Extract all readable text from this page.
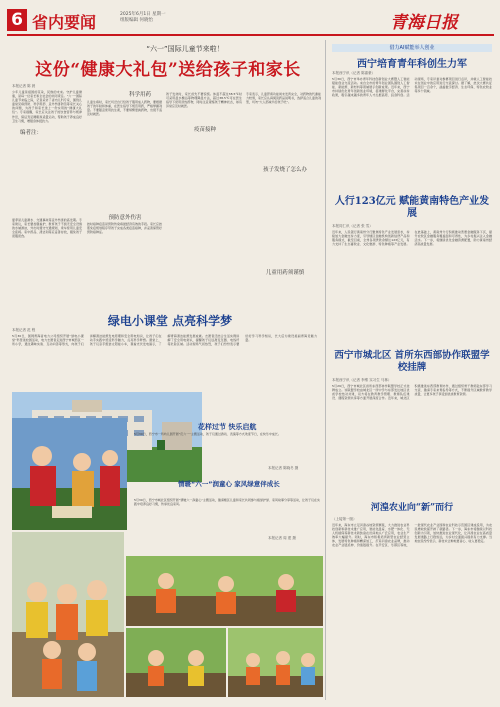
6 省内要闻	2025年6月1日 星期一
组版编辑 何晓怡	青海日报
“六一”国际儿童节来啦！
这份“健康大礼包”送给孩子和家长
本报记者 陈 晨
少年儿童是祖国的花朵，民族的未来。守护儿童健康，是每一位家长和全社会的共同责任。“六一”国际儿童节来临之际，记者采访了省内儿科专家，围绕儿童常见病预防、科学用药、意外伤害防范等家长关心的问题，为孩子和家长送上一份实用的“健康大礼包”。专家提醒，家长应关注孩子的饮食营养与规律作息，保证充足睡眠和适量运动，帮助孩子养成良好卫生习惯，增强身体抵抗力。
编者注：
夏季是儿童溺水、交通事故等意外伤害的高发期。专家建议，家长要加强看护，教育孩子不到无安全设施的水域游泳，外出时遵守交通规则，乘车使用儿童安全座椅。家中药品、清洁剂等应妥善存放，避免孩子误服误食。
科学用药
儿童生病时，家长切忌自行给孩子服用成人药物，要根据孩子的年龄和体重，在医生指导下规范用药，严格掌握剂量。不要随意使用抗生素，不要频繁更换药物，出现不适及时就医。
预防意外伤害
按时接种疫苗是预防传染病最经济有效的手段。家长应按照免疫规划程序带孩子完成各类疫苗接种，并妥善保管好预防接种证。
疫苗接种
孩子发烧时，家长首先不要惊慌。体温不超过38.5℃时可采用温水擦浴等物理降温方法，超过38.5℃可在医生指导下使用退热药物，同时注意观察孩子精神状态，如有异常应及时就医。
孩子发烧了怎么办
儿童用药须谨慎
专家表示，儿童肝肾功能尚未发育完全，对药物的代谢能力较弱，家长应认真阅读药品说明书，选择适合儿童的剂型，切勿“大人药减半给孩子吃”。
绿电小课堂 点亮科学梦
本报记者 范 程
5月30日，国网青海省电力公司组织开展“绿电小课堂”科普进校园活动，电力志愿者走进西宁市城西区一所小学，通过趣味实验、互动问答等形式，向孩子们讲解清洁能源发电原理和安全用电知识，让孩子们在动手实践中感受科学魅力，点亮科学梦想。课堂上，孩子们亲手组装太阳能小车，观看光伏发电演示，了解青海清洁能源发展成就。志愿者还结合生活实例讲解了安全用电常识，提醒孩子们远离变压器、电线杆等危险区域。活动现场气氛热烈，孩子们纷纷表示要好好学习科学知识，长大后为建设美丽青海贡献力量。
花样过节 快乐启航
5月30日，西宁市一所幼儿园开展“庆六一”主题活动，孩子们通过游戏、表演等方式欢度节日，在快乐中成长。
本报记者 陈晓冬 摄
情暖“六一”润童心 家风绿意伴成长
5月30日，西宁市城北区组织开展“情暖六一润童心”主题活动，邀请辖区儿童和家长共同参与植绿护绿、家风故事分享等活动，让孩子们在实践中培养良好习惯，传承优良家风。
本报记者 周 建 摄
借力AI赋能举人创业
西宁培育青年科创生力军
本报西宁讯（记者 陈嘉豪）
5月30日，西宁市举办青年科技创新创业大赛暨人工智能赋能创业交流活动。来自全市的青年创业团队围绕人工智能、新能源、新材料等领域展示创新成果。近年来，西宁市持续优化青年创新创业环境，搭建孵化平台，完善扶持政策，吸引越来越多的青年人才扎根高原、投身科创。活动现场，专家评委对参赛项目进行点评，并就人工智能技术在创业中的应用进行交流探讨。据了解，此次大赛共征集项目一百余个，涵盖数字经济、生态环保、特色农牧业等多个领域。
人行123亿元 赋能黄南特色产业发展
本报同仁讯（记者 张 雪）
近年来，人民银行黄南州分行聚焦特色产业发展需求，持续加大金融支持力度，引导辖区金融机构创新信贷产品和服务模式，截至目前，全州各项贷款余额达123亿元，有力支持了生态畜牧业、文化旅游、特色种植等产业发展。在此基础上，黄南州分行积极推动普惠金融服务下沉，提升农牧区金融服务覆盖面和可得性，为乡村振兴注入金融活水。下一步，将继续优化金融资源配置，助力黄南州经济高质量发展。
西宁市城北区 首所东西部协作联盟学校挂牌
本报西宁讯（记者 李维 实习生 马林）
5月29日，西宁市城北区首所东西部协作联盟学校正式挂牌成立。该联盟学校由城北区一所中学与东部发达地区优质学校结对共建，双方将在教育教学管理、教师队伍建设、课程资源共享等方面开展深度合作。近年来，城北区积极推进东西部教育协作，通过组织骨干教师赴东部学习交流、邀请专家来青指导等方式，不断提升区域教育教学质量，让更多孩子享受到优质教育资源。
河湟农业向“新”而行
（上接第一版）
近年来，海东市立足河湟谷地资源禀赋，大力推进农业科技创新和新技术推广应用，智能化温室、水肥一体化、无人机植保等新技术新装备在田间地头广泛应用，农业生产效率大幅提升。同时，海东市积极培育新型农业经营主体，发展特色种植和精深加工，打造河湟农业品牌，推动农业产业链延伸、价值链提升。在平安区、乐都区等地，一批现代农业产业园和农业科技示范园区建成投用，为农民增收致富开辟了新路径。下一步，海东市将继续以科技创新为引领，加快推进农业现代化，让河湟农业在高质量发展道路上行稳致远，为乡村全面振兴提供有力支撑。当地农民纷纷表示，新技术让种地更省心、收入更稳定。
